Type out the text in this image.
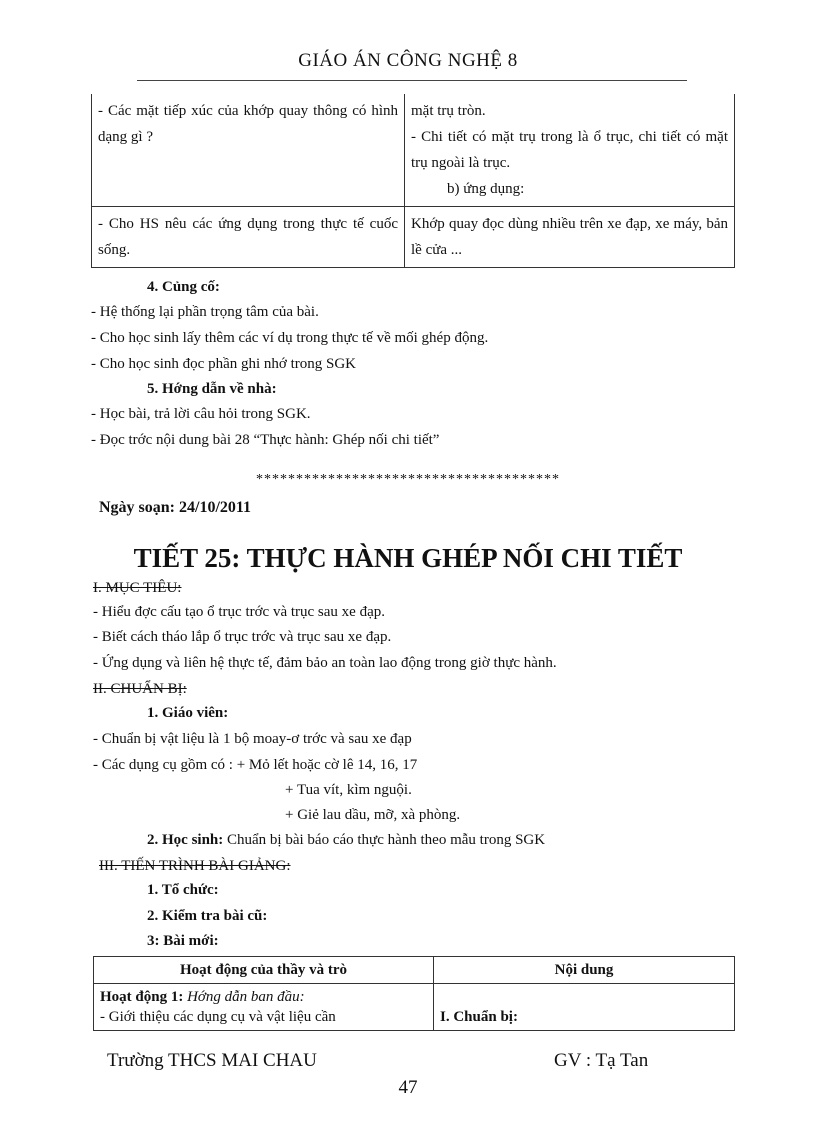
GIÁO ÁN CÔNG NGHỆ 8
- Các mặt tiếp xúc của khớp quay thông có hình dạng gì ?	mặt trụ tròn.
- Chi tiết có mặt trụ trong là ổ trục, chi tiết có mặt trụ ngoài là trục.
b) ứng dụng:

- Cho HS nêu các ứng dụng trong thực tế cuốc sống.	Khớp quay đọc dùng nhiều trên xe đạp, xe máy, bản lề cửa ...
4. Củng cố:
- Hệ thống lại phần trọng tâm của bài.
- Cho học sinh lấy thêm các ví dụ trong thực tế về mối ghép động.
- Cho học sinh đọc phần ghi nhớ trong SGK
5. Hớng dẫn về nhà:
- Học bài, trả lời câu hỏi trong SGK.
- Đọc trớc nội dung bài 28 “Thực hành: Ghép nối chi tiết”
**************************************
Ngày soạn: 24/10/2011
TIẾT 25: THỰC HÀNH GHÉP NỐI CHI TIẾT
I. MỤC TIÊU:
- Hiểu đợc cấu tạo ổ trục trớc và trục sau xe đạp.
- Biết cách tháo lắp ổ trục trớc và trục sau xe đạp.
- Ứng dụng và liên hệ thực tế, đảm bảo an toàn lao động trong giờ thực hành.
II. CHUẨN BỊ:
1. Giáo viên:
- Chuẩn bị vật liệu là 1 bộ moay-ơ trớc và sau xe đạp
- Các dụng cụ gồm có : + Mỏ lết hoặc cờ lê 14, 16, 17
+ Tua vít, kìm nguội.
+ Giẻ lau dầu, mỡ, xà phòng.
2. Học sinh: Chuẩn bị bài báo cáo thực hành theo mẫu trong SGK
III. TIẾN TRÌNH BÀI GIẢNG:
1. Tổ chức:
2. Kiểm tra bài cũ:
3: Bài mới:
Hoạt động của thầy và trò	Nội dung
Hoạt động 1: Hớng dẫn ban đầu:
- Giới thiệu các dụng cụ và vật liệu cần	I. Chuẩn bị:
Trường THCS MAI CHAU	GV : Tạ Tan
47
